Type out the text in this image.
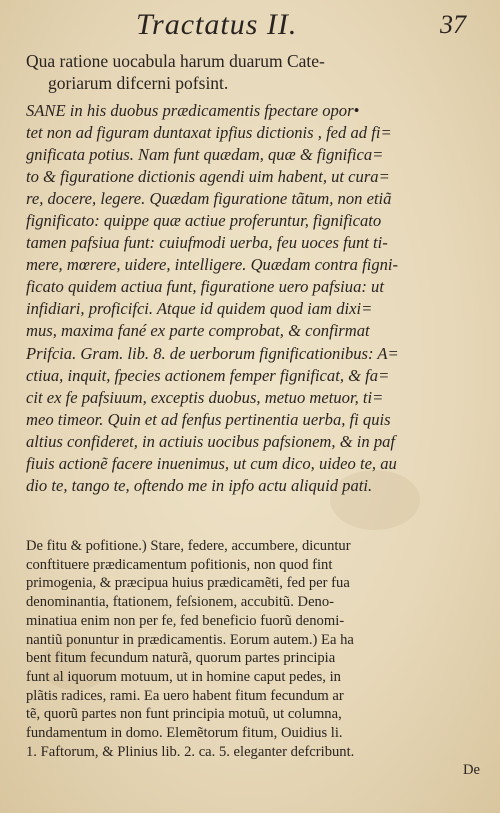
Tractatus II.	37
Qua ratione uocabula harum duarum Cate-
goriarum difcerni pofsint.
SANE in his duobus prædicamentis fpectare opor•
tet non ad figuram duntaxat ipfius dictionis , fed ad fi=
gnificata potius. Nam funt quædam, quæ & fignifica=
to & figuratione dictionis agendi uim habent, ut cura=
re, docere, legere. Quædam figuratione tãtum, non etiã
fignificato: quippe quæ actiue proferuntur, fignificato
tamen pafsiua funt: cuiufmodi uerba, feu uoces funt ti-
mere, mœrere, uidere, intelligere. Quædam contra figni-
ficato quidem actiua funt, figuratione uero pafsiua: ut
infidiari, proficifci. Atque id quidem quod iam dixi=
mus, maxima fané ex parte comprobat, & confirmat
Prifcia. Gram. lib. 8. de uerborum fignificationibus: A=
ctiua, inquit, fpecies actionem femper fignificat, & fa=
cit ex fe pafsiuum, exceptis duobus, metuo metuor, ti=
meo timeor. Quin et ad fenfus pertinentia uerba, fi quis
altius confideret, in actiuis uocibus pafsionem, & in paf
fiuis actionẽ facere inuenimus, ut cum dico, uideo te, au
dio te, tango te, oftendo me in ipfo actu aliquid pati.
De fitu & pofitione.) Stare, federe, accumbere, dicuntur
conftituere prædicamentum pofitionis, non quod fint
primogenia, & præcipua huius prædicamẽti, fed per fua
denominantia, ftationem, feſsionem, accubitũ. Deno-
minatiua enim non per fe, fed beneficio fuorũ denomi-
nantiũ ponuntur in prædicamentis. Eorum autem.) Ea ha
bent fitum fecundum naturã, quorum partes principia
funt al iquorum motuum, ut in homine caput pedes, in
plãtis radices, rami. Ea uero habent fitum fecundum ar
tẽ, quorũ partes non funt principia motuũ, ut columna,
fundamentum in domo. Elemẽtorum fitum, Ouidius li.
1. Faftorum, & Plinius lib. 2. ca. 5. eleganter defcribunt.
De
